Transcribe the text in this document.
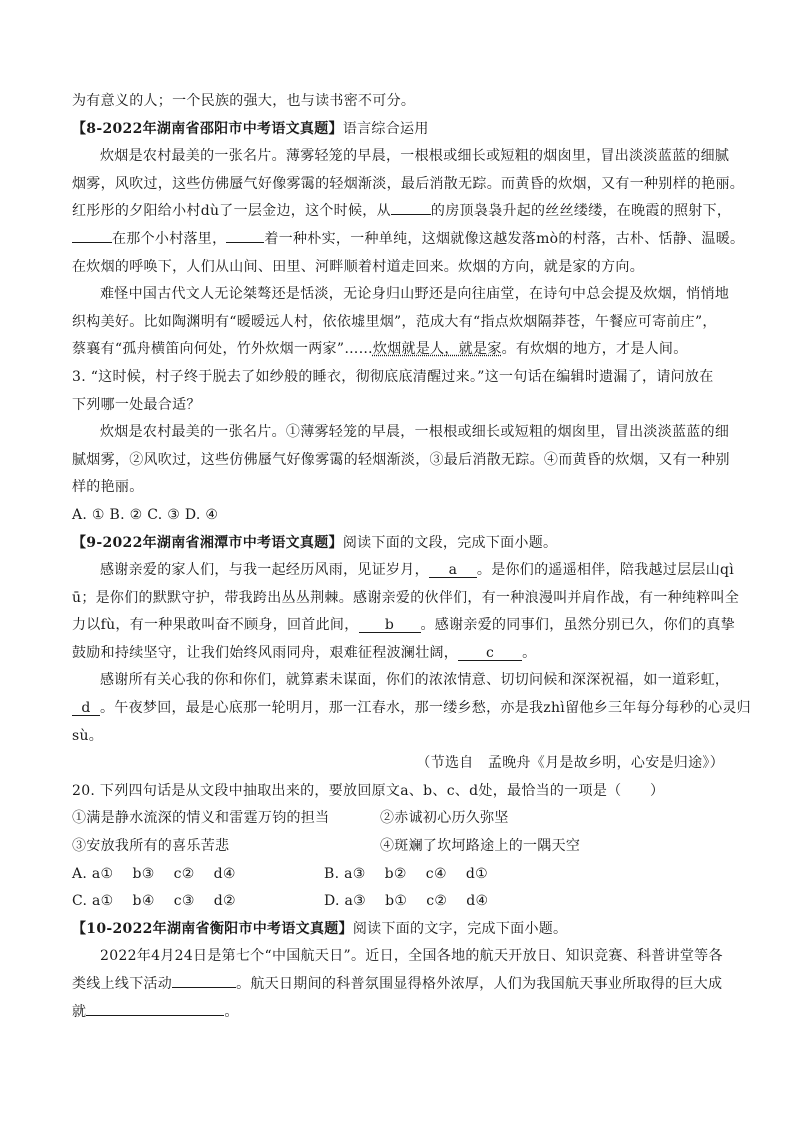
为有意义的人；一个民族的强大，也与读书密不可分。
【8-2022年湖南省邵阳市中考语文真题】语言综合运用
炊烟是农村最美的一张名片。薄雾轻笼的早晨，一根根或细长或短粗的烟囱里，冒出淡淡蓝蓝的细腻
烟雾，风吹过，这些仿佛蜃气好像雾霭的轻烟渐淡，最后消散无踪。而黄昏的炊烟，又有一种别样的艳丽。
红彤彤的夕阳给小村dù了一层金边，这个时候，从	的房顶袅袅升起的丝丝缕缕，在晚霞的照射下，
在那个小村落里，	着一种朴实，一种单纯，这烟就像这越发落mò的村落，古朴、恬静、温暖。
在炊烟的呼唤下，人们从山间、田里、河畔顺着村道走回来。炊烟的方向，就是家的方向。
难怪中国古代文人无论桀骜还是恬淡，无论身归山野还是向往庙堂，在诗句中总会提及炊烟，悄悄地
织构美好。比如陶渊明有“暧暧远人村，依依墟里烟”，范成大有“指点炊烟隔莽苍，午餐应可寄前庄”，
蔡襄有“孤舟横笛向何处，竹外炊烟一两家”……炊烟就是人，就是家。有炊烟的地方，才是人间。
3. “这时候，村子终于脱去了如纱般的睡衣，彻彻底底清醒过来。”这一句话在编辑时遗漏了，请问放在
下列哪一处最合适？
炊烟是农村最美的一张名片。①薄雾轻笼的早晨，一根根或细长或短粗的烟囱里，冒出淡淡蓝蓝的细
腻烟雾，②风吹过，这些仿佛蜃气好像雾霭的轻烟渐淡，③最后消散无踪。④而黄昏的炊烟，又有一种别
样的艳丽。
A. ① B. ② C. ③ D. ④
【9-2022年湖南省湘潭市中考语文真题】阅读下面的文段，完成下面小题。
感谢亲爱的家人们，与我一起经历风雨，见证岁月， a 。是你们的遥遥相伴，陪我越过层层山qì
ū；是你们的默默守护，带我跨出丛丛荆棘。感谢亲爱的伙伴们，有一种浪漫叫并肩作战，有一种纯粹叫全
力以fù，有一种果敢叫奋不顾身，回首此间， b 。感谢亲爱的同事们，虽然分别已久，你们的真挚
鼓励和持续坚守，让我们始终风雨同舟，艰难征程波澜壮阔， c 。
感谢所有关心我的你和你们，就算素未谋面，你们的浓浓情意、切切问候和深深祝福，如一道彩虹，
d 。午夜梦回，最是心底那一轮明月，那一江春水，那一缕乡愁，亦是我zhì留他乡三年每分每秒的心灵归
sù。
（节选自　孟晚舟《月是故乡明，心安是归途》）
20. 下列四句话是从文段中抽取出来的，要放回原文a、b、c、d处，最恰当的一项是（　　）
①满是静水流深的情义和雷霆万钧的担当	②赤诚初心历久弥坚
③安放我所有的喜乐苦悲	④斑斓了坎坷路途上的一隅天空
A. a①　 b③　 c②　 d④	B. a③　 b②　 c④　 d①
C. a①　 b④　 c③　 d②	D. a③　 b①　 c②　 d④
【10-2022年湖南省衡阳市中考语文真题】阅读下面的文字，完成下面小题。
2022年4月24日是第七个“中国航天日”。近日，全国各地的航天开放日、知识竞赛、科普讲堂等各
类线上线下活动	。航天日期间的科普氛围显得格外浓厚，人们为我国航天事业所取得的巨大成
就	。
